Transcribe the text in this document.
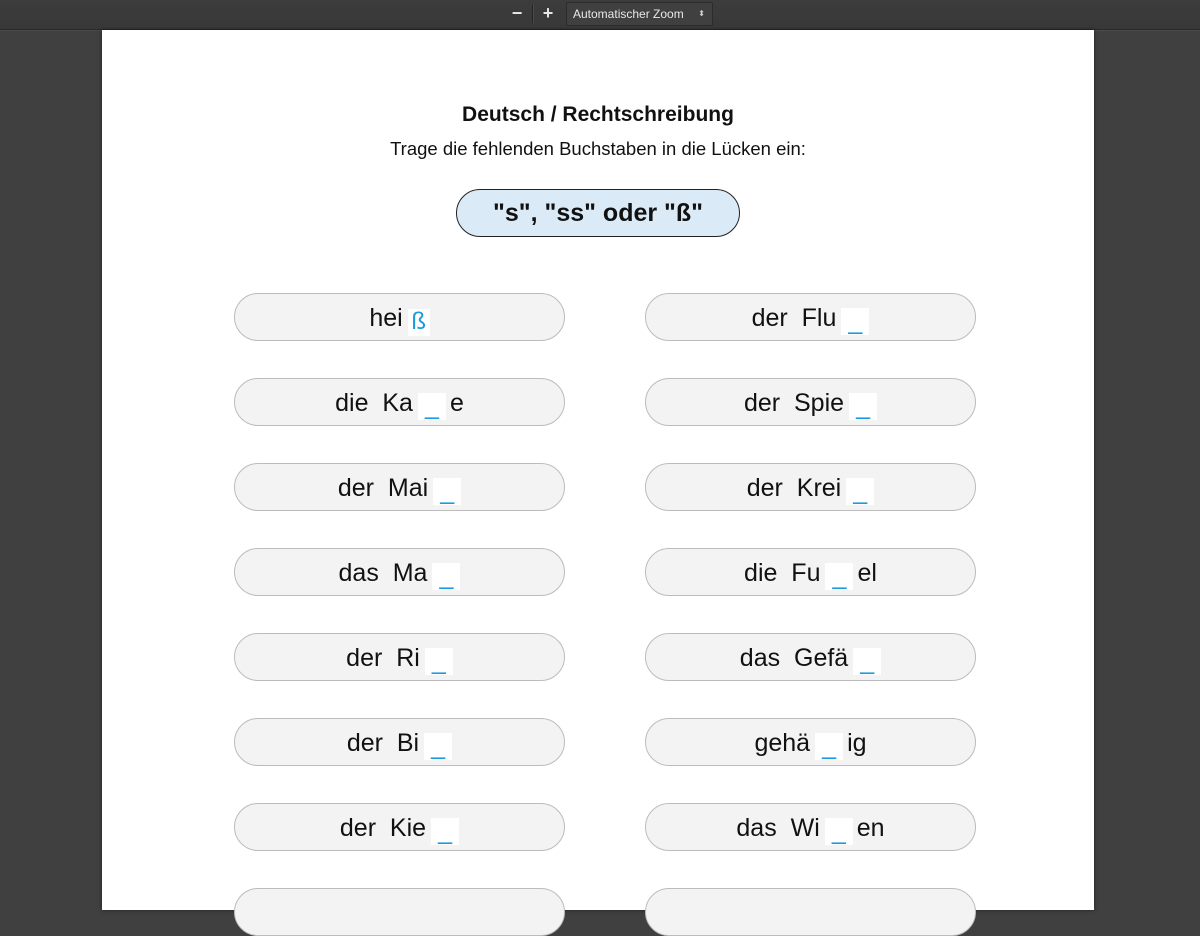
−	+	Automatischer Zoom ⬍
Deutsch / Rechtschreibung
Trage die fehlenden Buchstaben in die Lücken ein:
"s", "ss" oder "ß"
hei ß	der  Flu _
die  Ka _ e	der  Spie _
der  Mai _	der  Krei _
das  Ma _	die  Fu _ el
der  Ri _	das  Gefä _
der  Bi _	gehä _ ig
der  Kie _	das  Wi _ en
